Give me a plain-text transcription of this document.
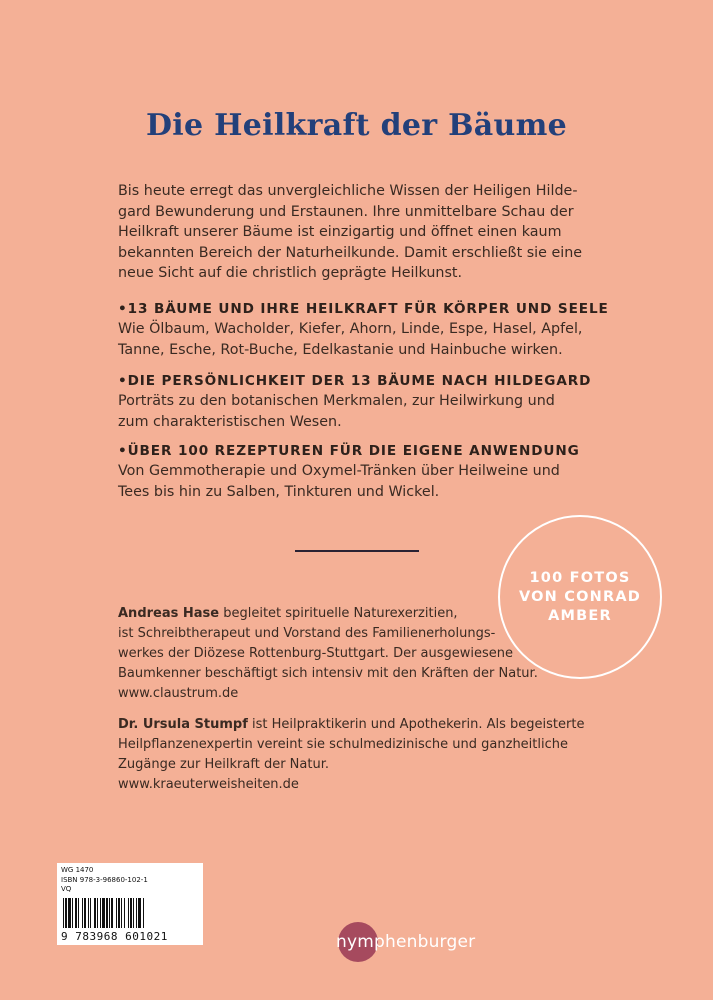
Die Heilkraft der Bäume
Bis heute erregt das unvergleichliche Wissen der Heiligen Hilde-
gard Bewunderung und Erstaunen. Ihre unmittelbare Schau der
Heilkraft unserer Bäume ist einzigartig und öffnet einen kaum
bekannten Bereich der Naturheilkunde. Damit erschließt sie eine
neue Sicht auf die christlich geprägte Heilkunst.
•13 BÄUME UND IHRE HEILKRAFT FÜR KÖRPER UND SEELE
Wie Ölbaum, Wacholder, Kiefer, Ahorn, Linde, Espe, Hasel, Apfel,
Tanne, Esche, Rot-Buche, Edelkastanie und Hainbuche wirken.
•DIE PERSÖNLICHKEIT DER 13 BÄUME NACH HILDEGARD
Porträts zu den botanischen Merkmalen, zur Heilwirkung und
zum charakteristischen Wesen.
•ÜBER 100 REZEPTUREN FÜR DIE EIGENE ANWENDUNG
Von Gemmotherapie und Oxymel-Tränken über Heilweine und
Tees bis hin zu Salben, Tinkturen und Wickel.
100 FOTOS
VON CONRAD
AMBER
Andreas Hase begleitet spirituelle Naturexerzitien,
ist Schreibtherapeut und Vorstand des Familienerholungs-
werkes der Diözese Rottenburg-Stuttgart. Der ausgewiesene
Baumkenner beschäftigt sich intensiv mit den Kräften der Natur.
www.claustrum.de
Dr. Ursula Stumpf ist Heilpraktikerin und Apothekerin. Als begeisterte
Heilpflanzenexpertin vereint sie schulmedizinische und ganzheitliche
Zugänge zur Heilkraft der Natur.
www.kraeuterweisheiten.de
WG 1470
ISBN 978-3-96860-102-1
VQ
9 783968 601021	nymphenburger
